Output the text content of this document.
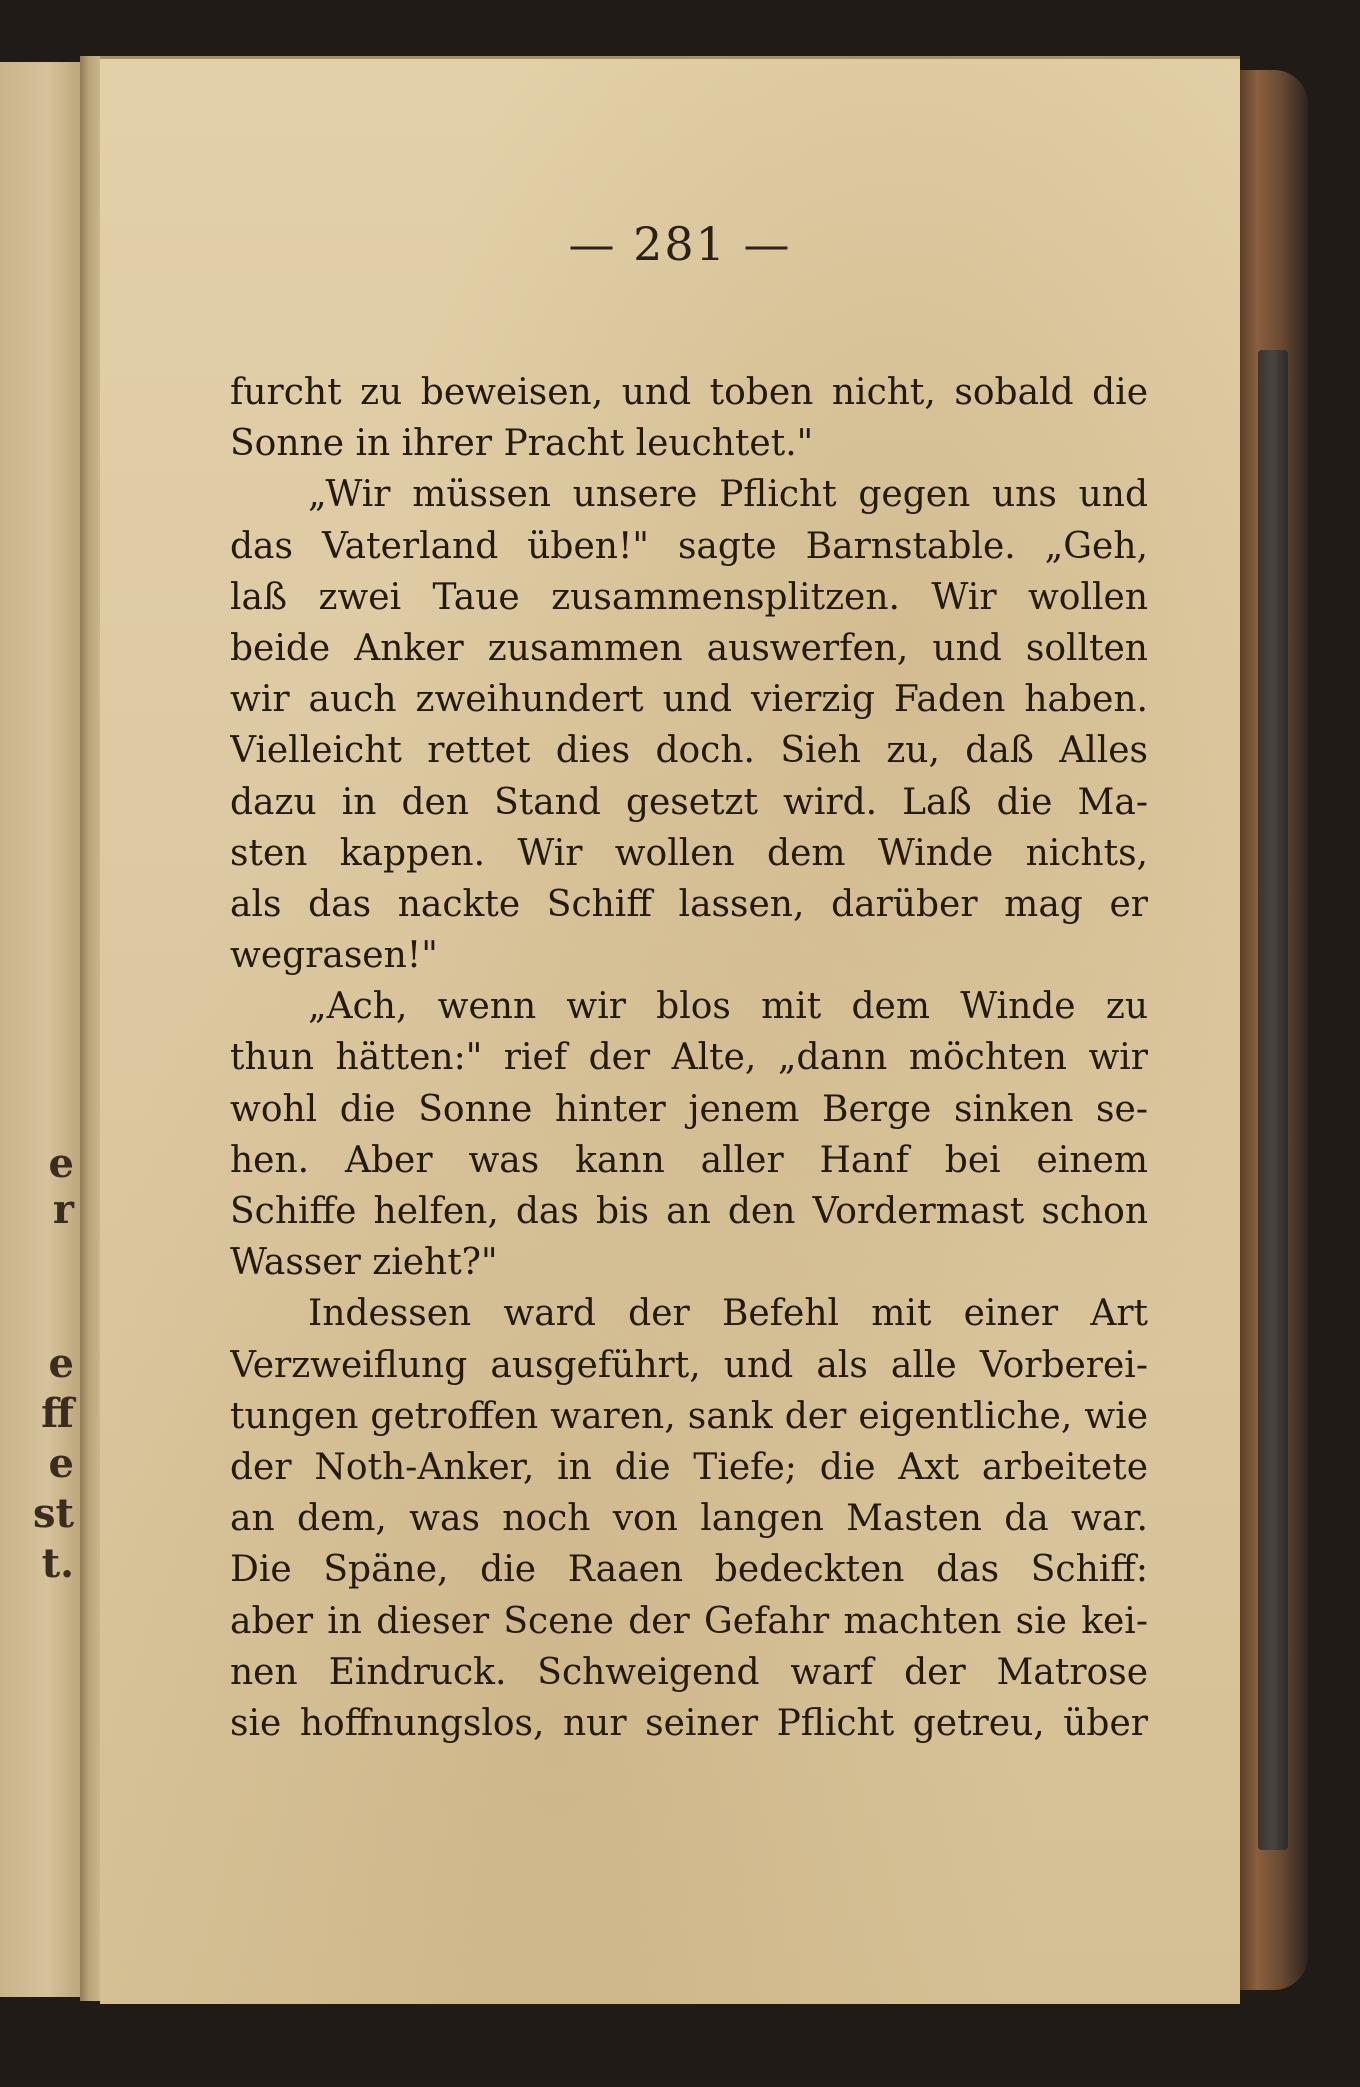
e
r
e
ff
e
st
t.
— 281 —
furcht zu beweisen, und toben nicht, sobald die
Sonne in ihrer Pracht leuchtet."
„Wir müssen unsere Pflicht gegen uns und
das Vaterland üben!" sagte Barnstable. „Geh,
laß zwei Taue zusammensplitzen. Wir wollen
beide Anker zusammen auswerfen, und sollten
wir auch zweihundert und vierzig Faden haben.
Vielleicht rettet dies doch. Sieh zu, daß Alles
dazu in den Stand gesetzt wird. Laß die Ma-
sten kappen. Wir wollen dem Winde nichts,
als das nackte Schiff lassen, darüber mag er
wegrasen!"
„Ach, wenn wir blos mit dem Winde zu
thun hätten:" rief der Alte, „dann möchten wir
wohl die Sonne hinter jenem Berge sinken se-
hen. Aber was kann aller Hanf bei einem
Schiffe helfen, das bis an den Vordermast schon
Wasser zieht?"
Indessen ward der Befehl mit einer Art
Verzweiflung ausgeführt, und als alle Vorberei-
tungen getroffen waren, sank der eigentliche, wie
der Noth-Anker, in die Tiefe; die Axt arbeitete
an dem, was noch von langen Masten da war.
Die Späne, die Raaen bedeckten das Schiff:
aber in dieser Scene der Gefahr machten sie kei-
nen Eindruck. Schweigend warf der Matrose
sie hoffnungslos, nur seiner Pflicht getreu, über
